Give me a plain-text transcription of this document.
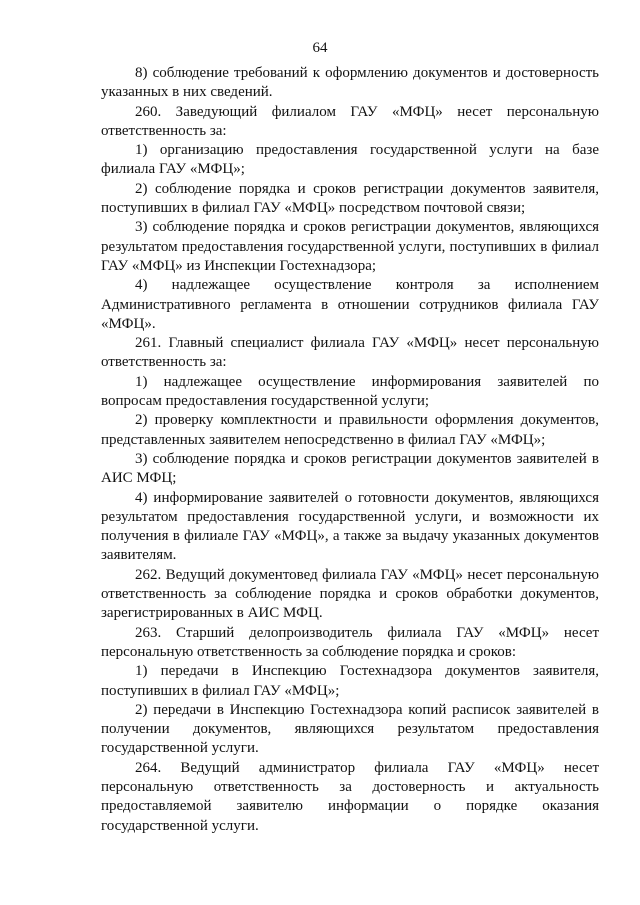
64

8) соблюдение требований к оформлению документов и достоверность указанных в них сведений.

260. Заведующий филиалом ГАУ «МФЦ» несет персональную ответственность за:

1) организацию предоставления государственной услуги на базе филиала ГАУ «МФЦ»;

2) соблюдение порядка и сроков регистрации документов заявителя, поступивших в филиал ГАУ «МФЦ» посредством почтовой связи;

3) соблюдение порядка и сроков регистрации документов, являющихся результатом предоставления государственной услуги, поступивших в филиал ГАУ «МФЦ» из Инспекции Гостехнадзора;

4) надлежащее осуществление контроля за исполнением Административного регламента в отношении сотрудников филиала ГАУ «МФЦ».

261. Главный специалист филиала ГАУ «МФЦ» несет персональную ответственность за:

1) надлежащее осуществление информирования заявителей по вопросам предоставления государственной услуги;

2) проверку комплектности и правильности оформления документов, представленных заявителем непосредственно в филиал ГАУ «МФЦ»;

3) соблюдение порядка и сроков регистрации документов заявителей в АИС МФЦ;

4) информирование заявителей о готовности документов, являющихся результатом предоставления государственной услуги, и возможности их получения в филиале ГАУ «МФЦ», а также за выдачу указанных документов заявителям.

262. Ведущий документовед филиала ГАУ «МФЦ» несет персональную ответственность за соблюдение порядка и сроков обработки документов, зарегистрированных в АИС МФЦ.

263. Старший делопроизводитель филиала ГАУ «МФЦ» несет персональную ответственность за соблюдение порядка и сроков:

1) передачи в Инспекцию Гостехнадзора документов заявителя, поступивших в филиал ГАУ «МФЦ»;

2) передачи в Инспекцию Гостехнадзора копий расписок заявителей в получении документов, являющихся результатом предоставления государственной услуги.

264. Ведущий администратор филиала ГАУ «МФЦ» несет персональную ответственность за достоверность и актуальность предоставляемой заявителю информации о порядке оказания государственной услуги.
